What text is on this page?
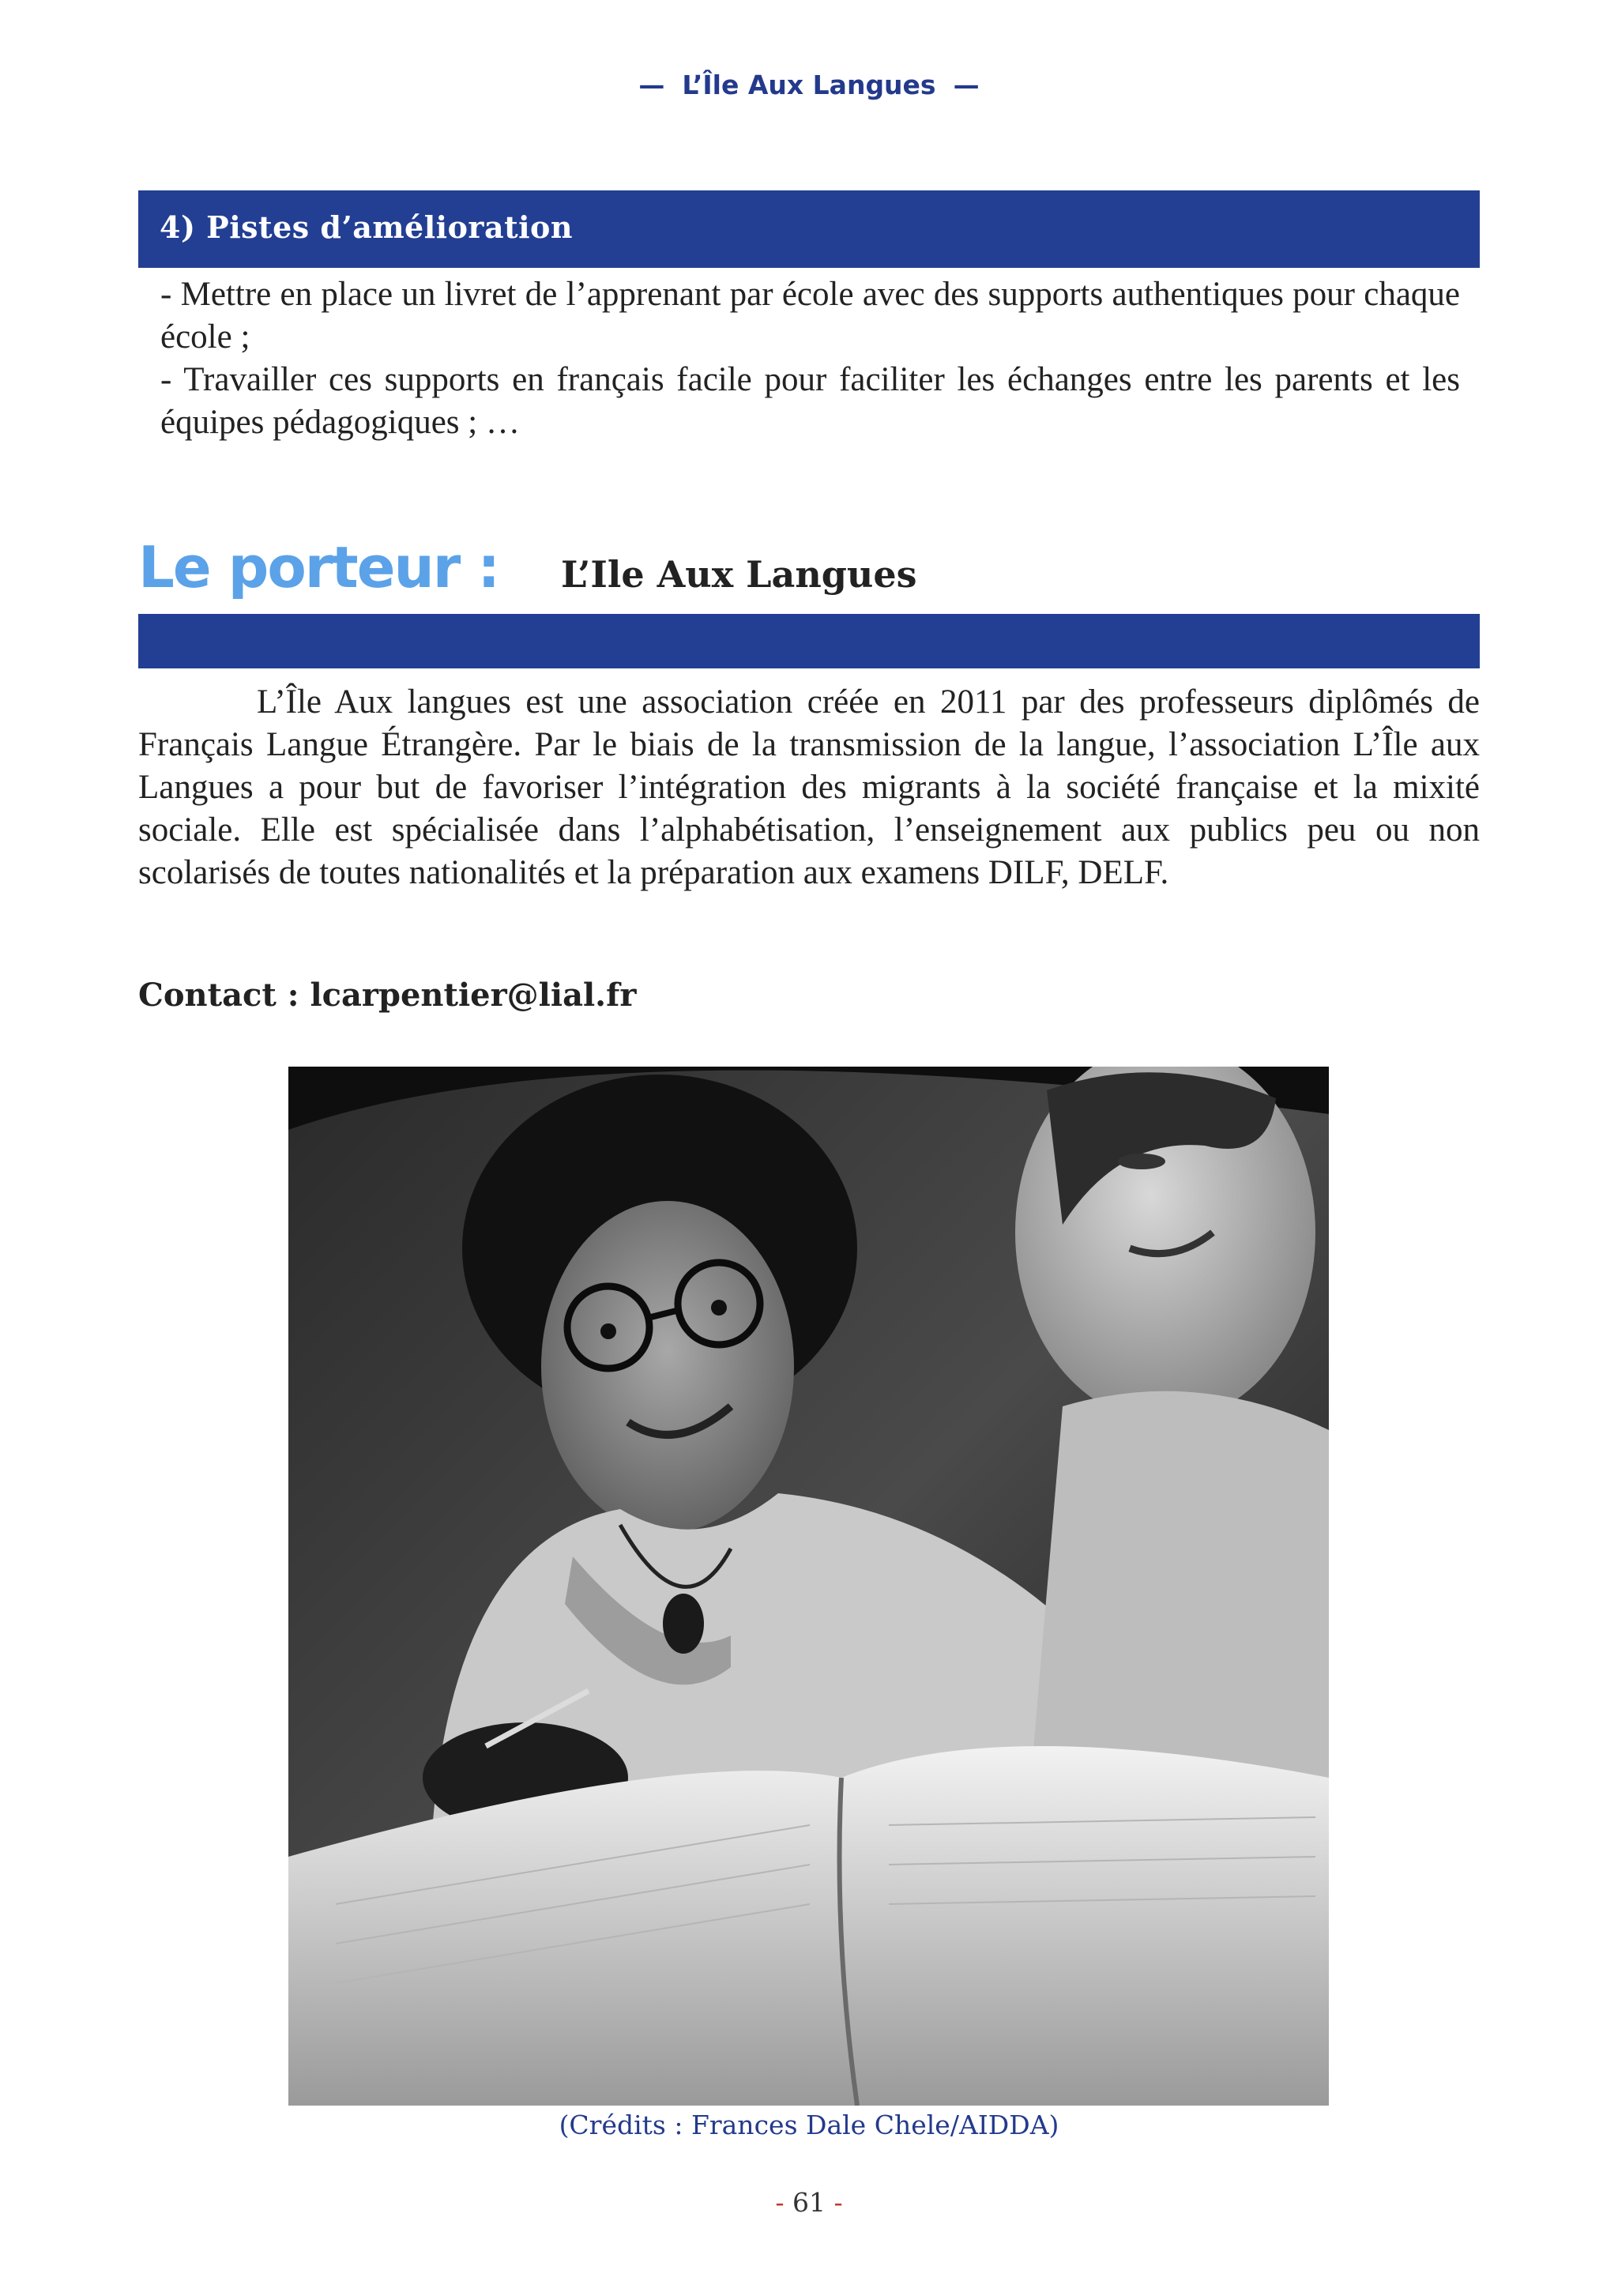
— L’Île Aux Langues —
4) Pistes d’amélioration

- Mettre en place un livret de l’apprenant par école avec des supports authentiques pour chaque école ;

- Travailler ces supports en français facile pour faciliter les échanges entre les parents et les équipes pédagogiques ; …

Le porteur : L’Ile Aux Langues

L’Île Aux langues est une association créée en 2011 par des professeurs diplômés de Français Langue Étrangère. Par le biais de la transmission de la langue, l’association L’Île aux Langues a pour but de favoriser l’intégration des migrants à la société française et la mixité sociale. Elle est spécialisée dans l’alphabétisation, l’enseignement aux publics peu ou non scolarisés de toutes nationalités et la préparation aux examens DILF, DELF.

Contact : lcarpentier@lial.fr
(Crédits : Frances Dale Chele/AIDDA)
- 61 -
